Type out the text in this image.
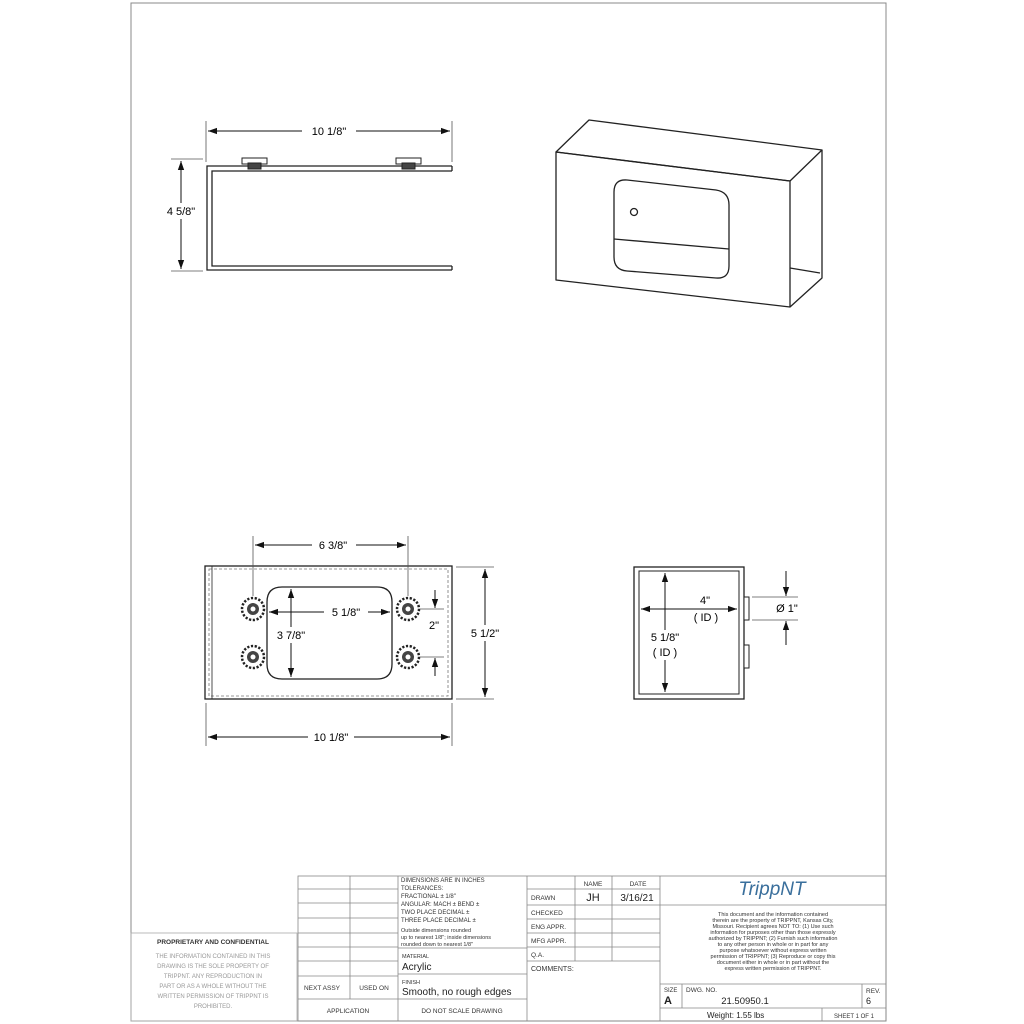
10 1/8"
4 5/8"
6 3/8"
5 1/8"
3 7/8"
2"
5 1/2"
10 1/8"
4"
( ID )
5 1/8"
( ID )
Ø 1"
PROPRIETARY AND CONFIDENTIAL
THE INFORMATION CONTAINED IN THIS
DRAWING IS THE SOLE PROPERTY OF
TRIPPNT. ANY REPRODUCTION IN
PART OR AS A WHOLE WITHOUT THE
WRITTEN PERMISSION OF TRIPPNT IS
PROHIBITED.
DIMENSIONS ARE IN INCHES
TOLERANCES:
FRACTIONAL ± 1/8"
ANGULAR: MACH ± BEND ±
TWO PLACE DECIMAL ±
THREE PLACE DECIMAL ±
Outside dimensions rounded
up to nearest 1/8"; inside dimensions
rounded down to nearest 1/8"
NEXT ASSY	USED ON
APPLICATION
MATERIAL
Acrylic
FINISH
Smooth, no rough edges
DO NOT SCALE DRAWING
NAME	DATE
DRAWN	JH 3/16/21
CHECKED
ENG APPR.
MFG APPR.
Q.A.
COMMENTS:
TrippNT
This document and the information contained
therein are the property of TRIPPNT, Kansas City,
Missouri. Recipient agrees NOT TO: (1) Use such
information for purposes other than those expressly
authorized by TRIPPNT; (2) Furnish such information
to any other person in whole or in part for any
purpose whatsoever without express written
permission of TRIPPNT; (3) Reproduce or copy this
document either in whole or in part without the
express written permission of TRIPPNT.
SIZE
A
DWG. NO.
21.50950.1
REV.
6
Weight: 1.55 lbs	SHEET 1 OF 1
